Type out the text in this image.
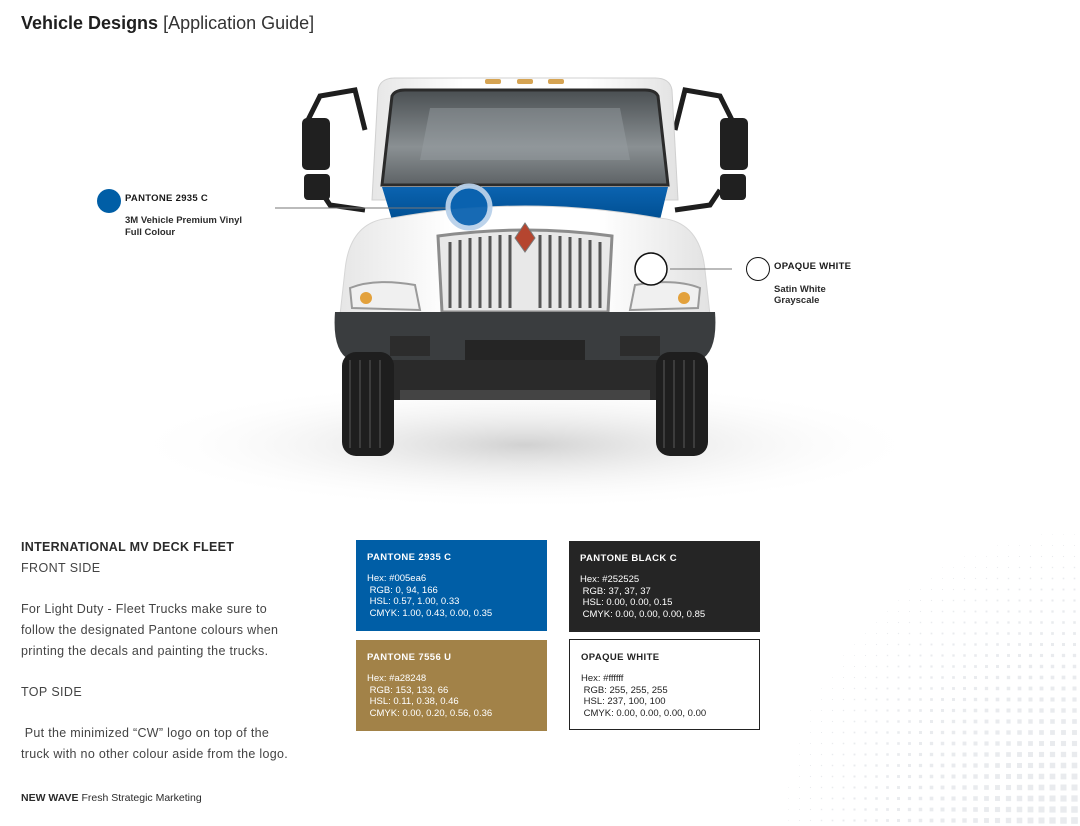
Vehicle Designs [Application Guide]
PANTONE 2935 C
3M Vehicle Premium Vinyl
Full Colour
OPAQUE WHITE
Satin White
Grayscale
INTERNATIONAL MV DECK FLEET
FRONT SIDE
For Light Duty - Fleet Trucks make sure to
follow the designated Pantone colours when
printing the decals and painting the trucks.
TOP SIDE
Put the minimized “CW” logo on top of the
truck with no other colour aside from the logo.
PANTONE 2935 C
Hex: #005ea6
RGB: 0, 94, 166
HSL: 0.57, 1.00, 0.33
CMYK: 1.00, 0.43, 0.00, 0.35
PANTONE BLACK C
Hex: #252525
RGB: 37, 37, 37
HSL: 0.00, 0.00, 0.15
CMYK: 0.00, 0.00, 0.00, 0.85
PANTONE 7556 U
Hex: #a28248
RGB: 153, 133, 66
HSL: 0.11, 0.38, 0.46
CMYK: 0.00, 0.20, 0.56, 0.36
OPAQUE WHITE
Hex: #ffffff
RGB: 255, 255, 255
HSL: 237, 100, 100
CMYK: 0.00, 0.00, 0.00, 0.00
NEW WAVE Fresh Strategic Marketing
